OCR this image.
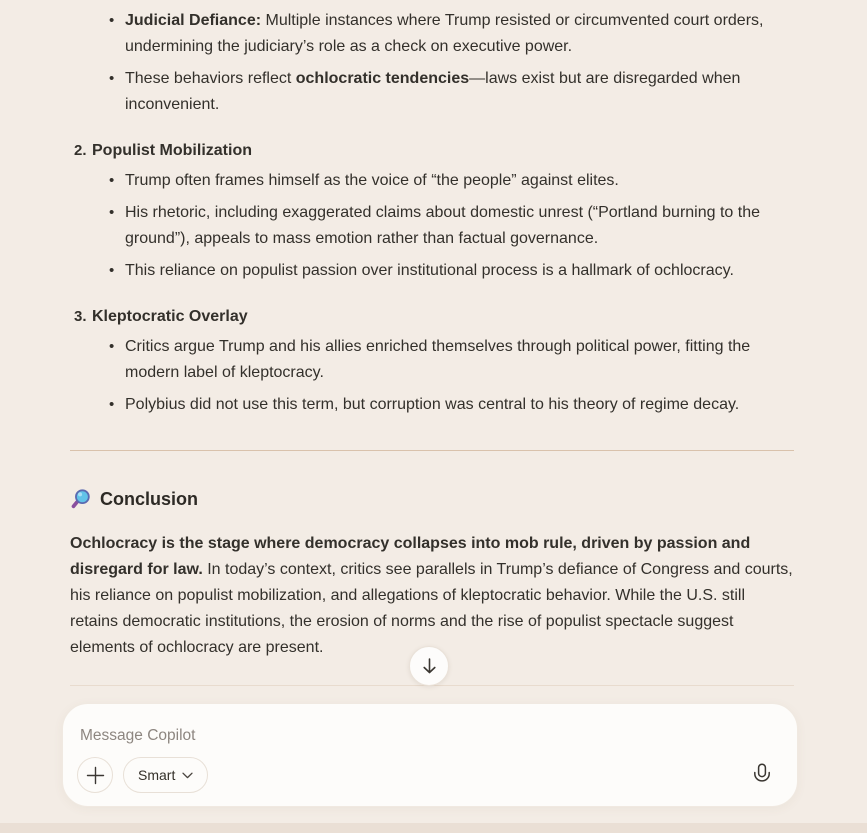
• Judicial Defiance: Multiple instances where Trump resisted or circumvented court orders, undermining the judiciary’s role as a check on executive power.
• These behaviors reflect ochlocratic tendencies—laws exist but are disregarded when inconvenient.
2. Populist Mobilization
• Trump often frames himself as the voice of “the people” against elites.
• His rhetoric, including exaggerated claims about domestic unrest (“Portland burning to the ground”), appeals to mass emotion rather than factual governance.
• This reliance on populist passion over institutional process is a hallmark of ochlocracy.
3. Kleptocratic Overlay
• Critics argue Trump and his allies enriched themselves through political power, fitting the modern label of kleptocracy.
• Polybius did not use this term, but corruption was central to his theory of regime decay.
Conclusion

Ochlocracy is the stage where democracy collapses into mob rule, driven by passion and disregard for law. In today’s context, critics see parallels in Trump’s defiance of Congress and courts, his reliance on populist mobilization, and allegations of kleptocratic behavior. While the U.S. still retains democratic institutions, the erosion of norms and the rise of populist spectacle suggest elements of ochlocracy are present.

Message Copilot
Smart
